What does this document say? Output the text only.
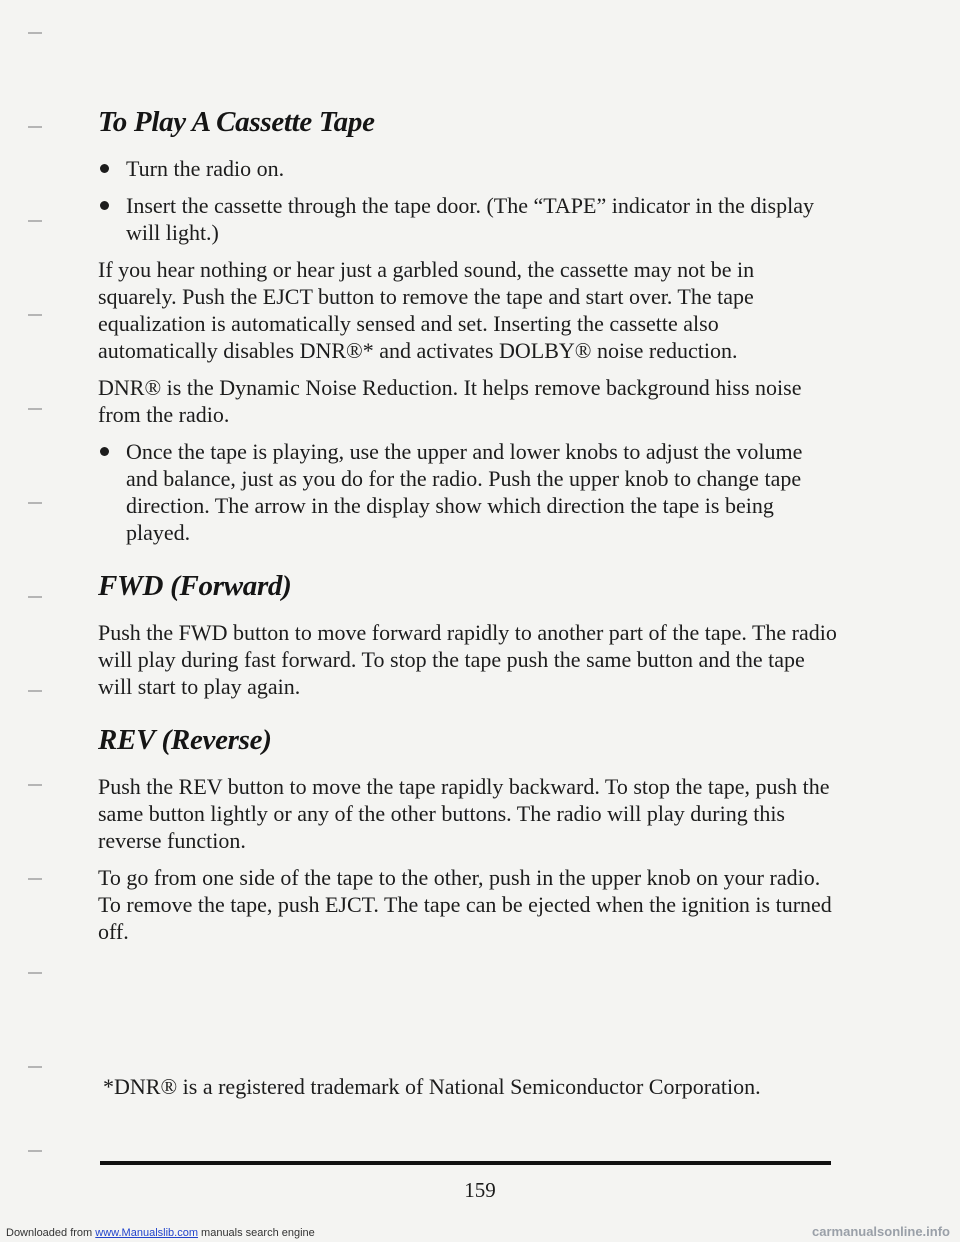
To Play A Cassette Tape
Turn the radio on.
Insert the cassette through the tape door. (The “TAPE” indicator in the display will light.)

If you hear nothing or hear just a garbled sound, the cassette may not be in squarely. Push the EJCT button to remove the tape and start over. The tape equalization is automatically sensed and set. Inserting the cassette also automatically disables DNR®* and activates DOLBY® noise reduction.

DNR® is the Dynamic Noise Reduction. It helps remove background hiss noise from the radio.

Once the tape is playing, use the upper and lower knobs to adjust the volume and balance, just as you do for the radio. Push the upper knob to change tape direction. The arrow in the display show which direction the tape is being played.
FWD (Forward)

Push the FWD button to move forward rapidly to another part of the tape. The radio will play during fast forward. To stop the tape push the same button and the tape will start to play again.

REV (Reverse)

Push the REV button to move the tape rapidly backward. To stop the tape, push the same button lightly or any of the other buttons. The radio will play during this reverse function.

To go from one side of the tape to the other, push in the upper knob on your radio. To remove the tape, push EJCT. The tape can be ejected when the ignition is turned off.

*DNR® is a registered trademark of National Semiconductor Corporation.
159
Downloaded from www.Manualslib.com manuals search engine	carmanualsonline.info
